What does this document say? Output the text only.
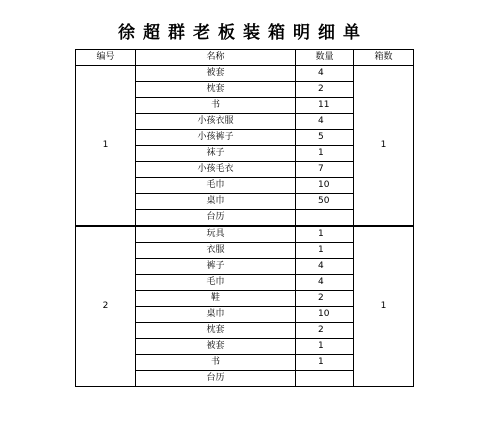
徐超群老板装箱明细单
编号	名称	数量	箱数
1	被套	4	1
	枕套	2	
	书	11	
	小孩衣服	4	
	小孩裤子	5	
	袜子	1	
	小孩毛衣	7	
	毛巾	10	
	桌巾	50	
	台历		
2	玩具	1	1
	衣服	1	
	裤子	4	
	毛巾	4	
	鞋	2	
	桌巾	10	
	枕套	2	
	被套	1	
	书	1	
	台历		
